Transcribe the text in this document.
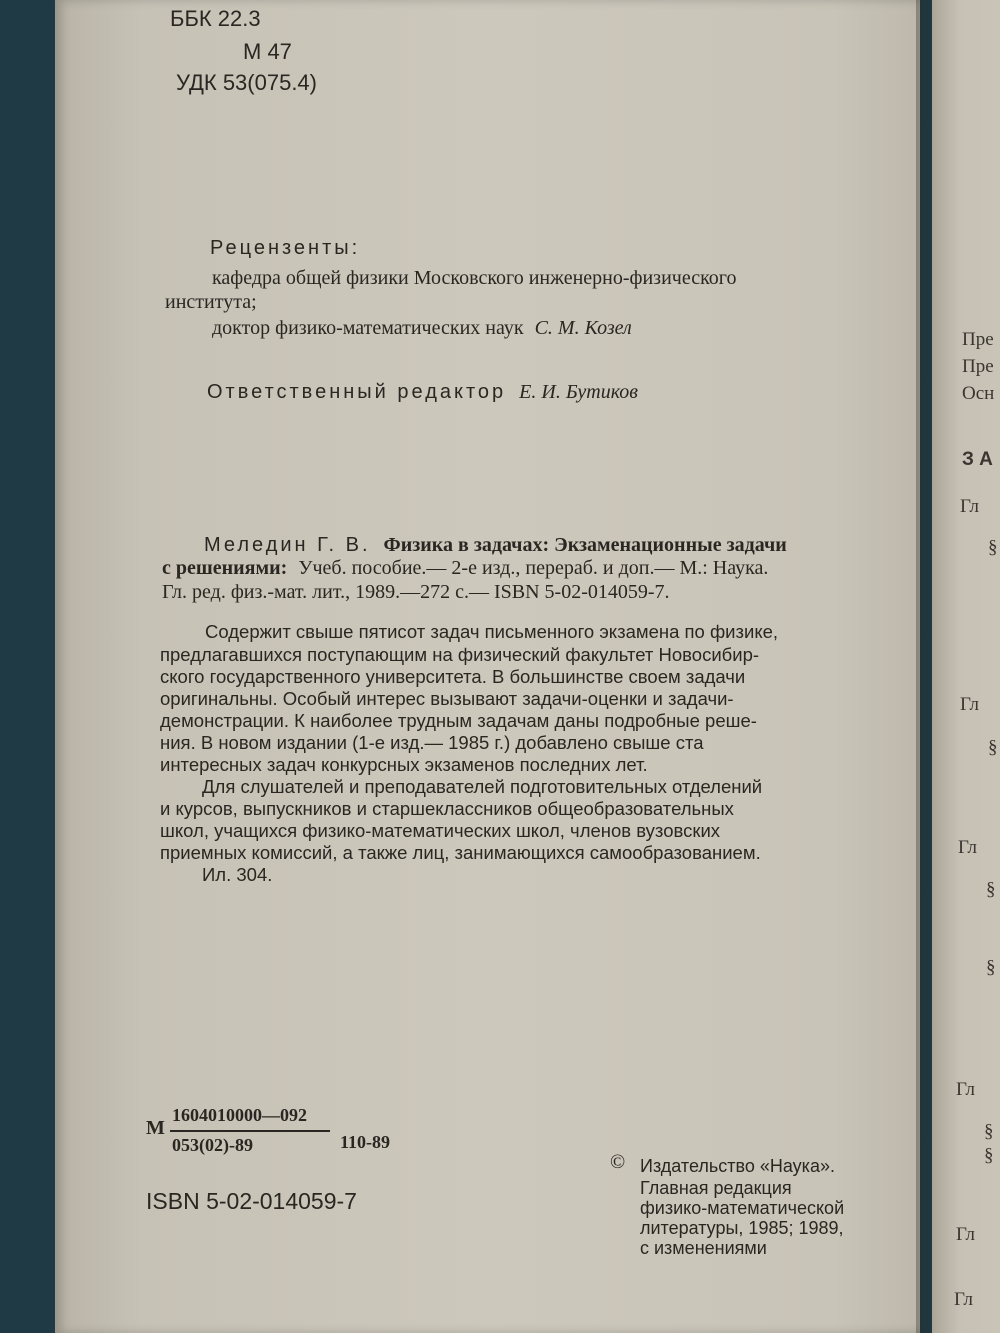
ББК 22.3
М 47
УДК 53(075.4)
Рецензенты:
кафедра общей физики Московского инженерно-физического
института;
доктор физико-математических наук С. М. Козел
Ответственный редактор Е. И. Бутиков
Меледин Г. В. Физика в задачах: Экзаменационные задачи
с решениями: Учеб. пособие.— 2-е изд., перераб. и доп.— М.: Наука.
Гл. ред. физ.-мат. лит., 1989.—272 с.— ISBN 5-02-014059-7.
Содержит свыше пятисот задач письменного экзамена по физике,
предлагавшихся поступающим на физический факультет Новосибир-
ского государственного университета. В большинстве своем задачи
оригинальны. Особый интерес вызывают задачи-оценки и задачи-
демонстрации. К наиболее трудным задачам даны подробные реше-
ния. В новом издании (1-е изд.— 1985 г.) добавлено свыше ста
интересных задач конкурсных экзаменов последних лет.
Для слушателей и преподавателей подготовительных отделений
и курсов, выпускников и старшеклассников общеобразовательных
школ, учащихся физико-математических школ, членов вузовских
приемных комиссий, а также лиц, занимающихся самообразованием.
Ил. 304.
М
1604010000—092
053(02)-89	110-89
ISBN 5-02-014059-7
© Издательство «Наука».
Главная редакция
физико-математической
литературы, 1985; 1989,
с изменениями
Пре
Пре
Осн
З А
Гл
§
Гл
§
Гл
§
§
Гл
§
§
Гл
Гл
